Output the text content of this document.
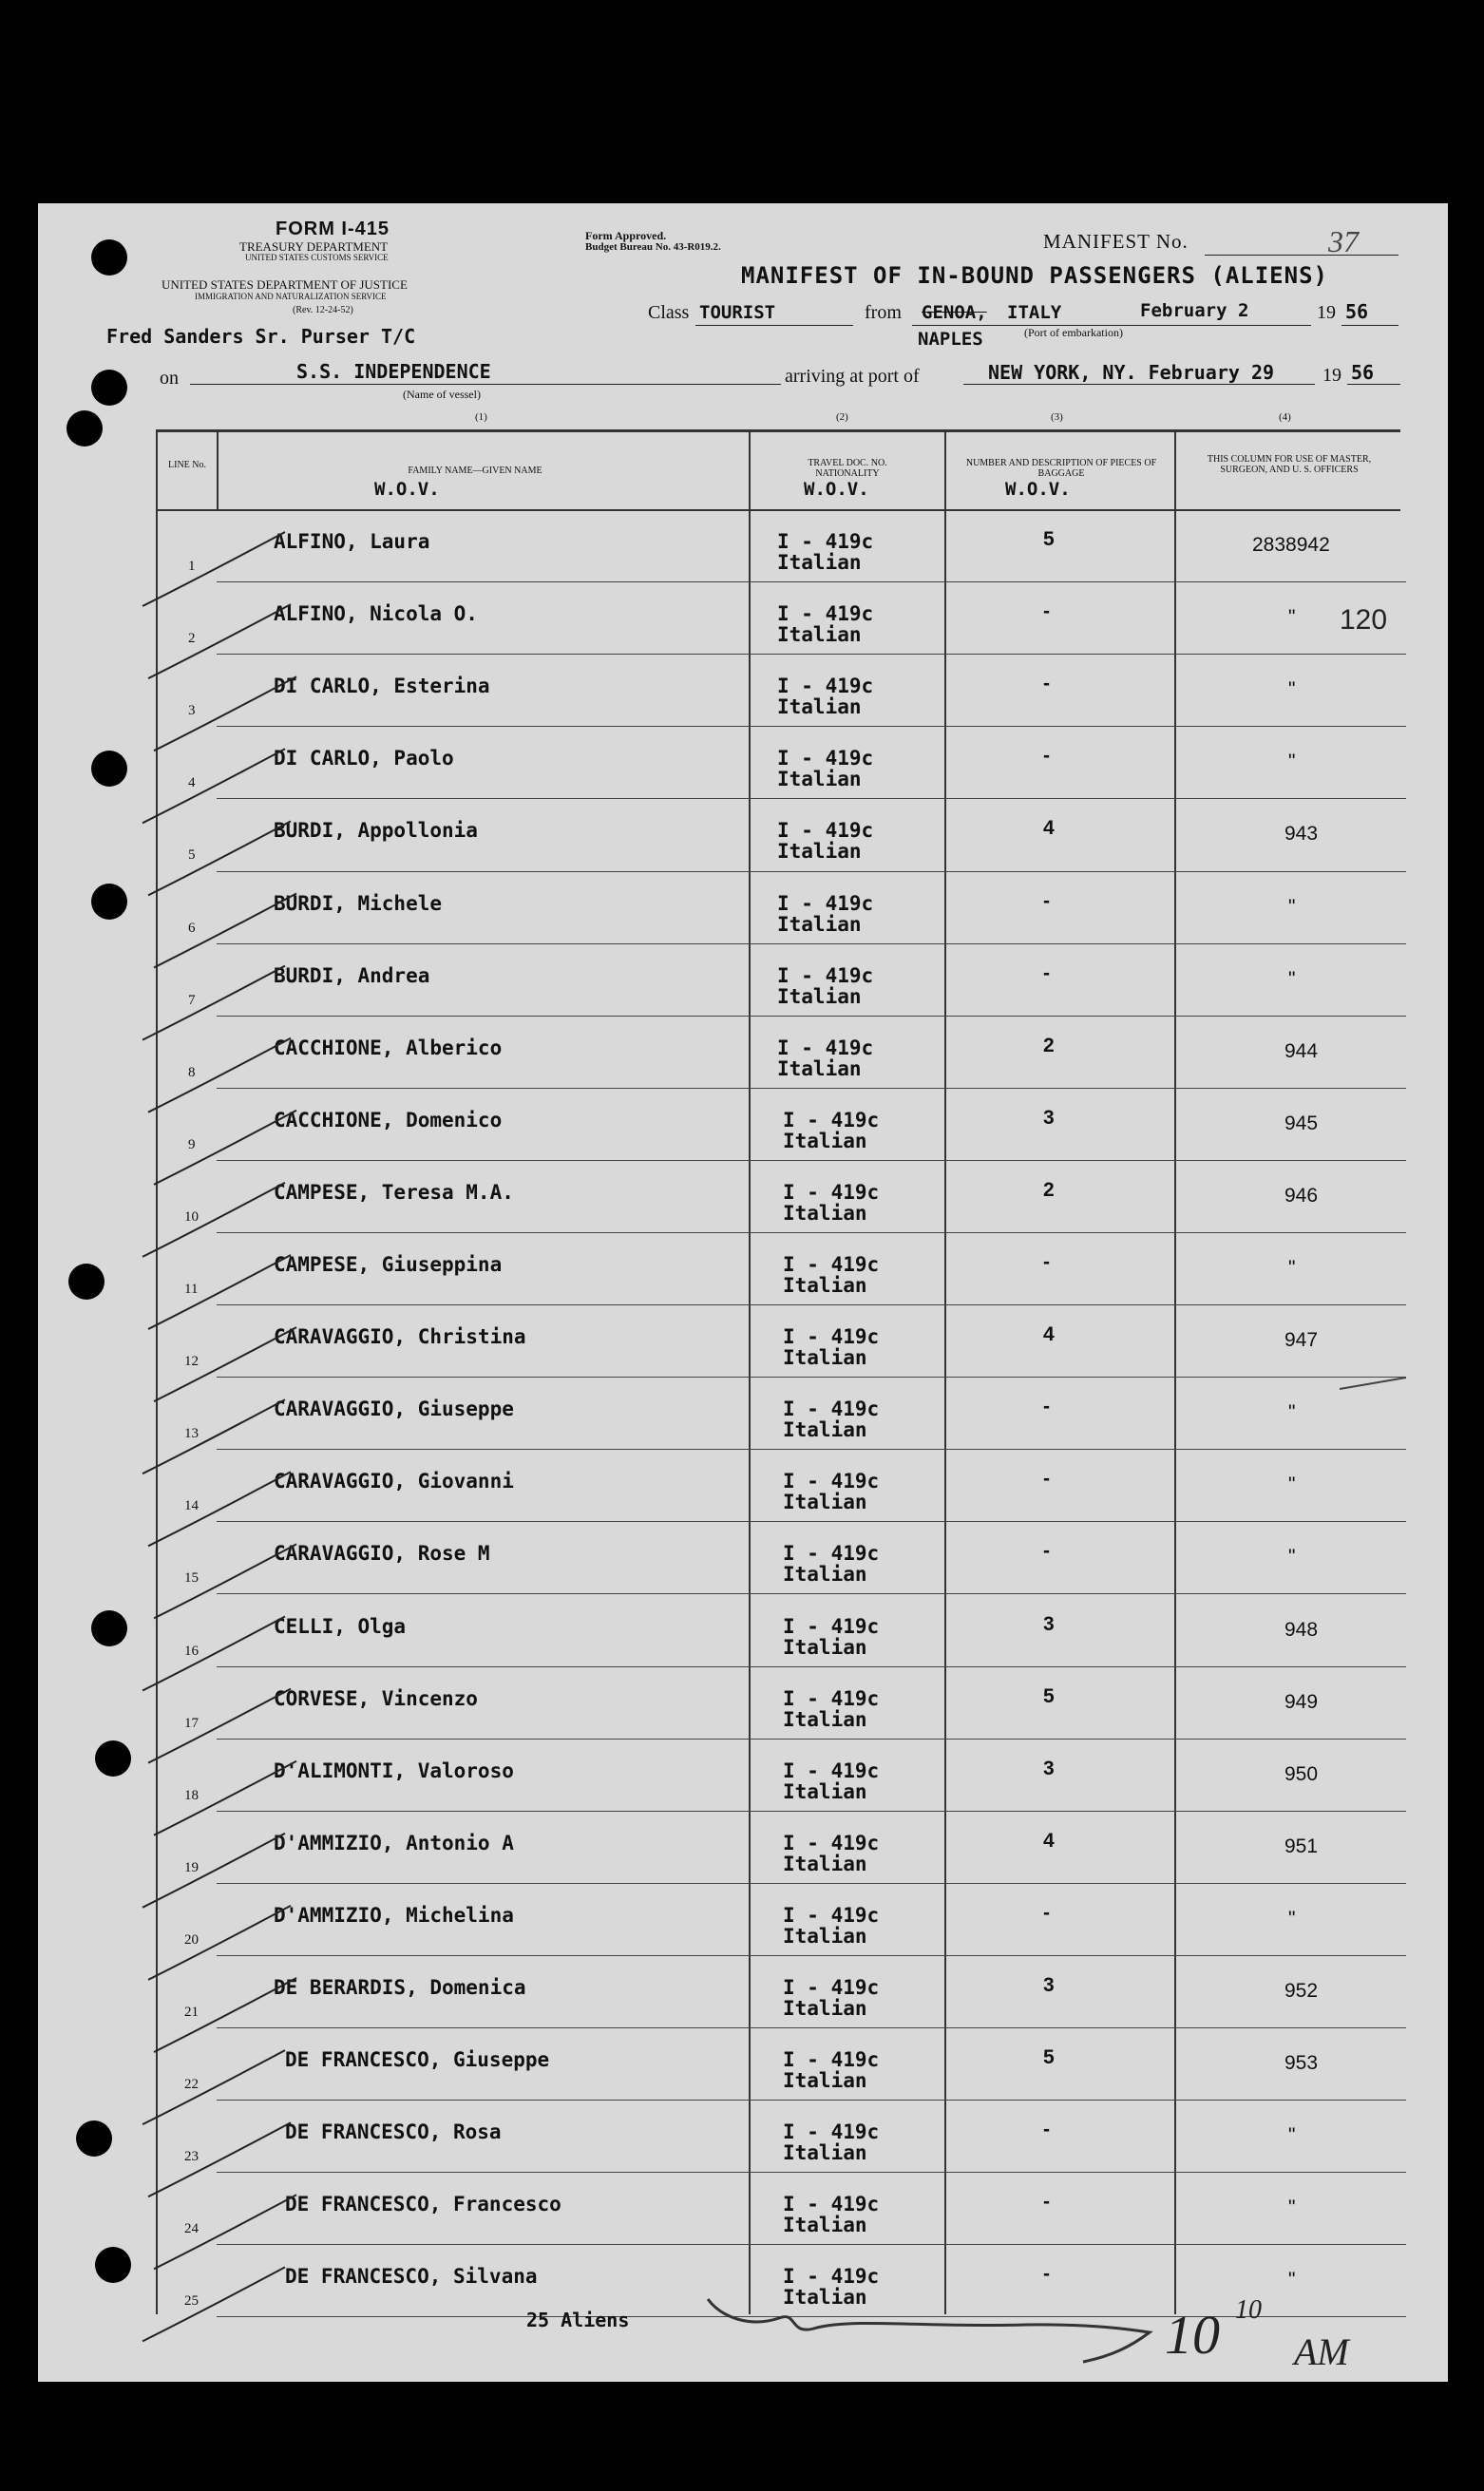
FORM I-415
TREASURY DEPARTMENT
UNITED STATES CUSTOMS SERVICE
UNITED STATES DEPARTMENT OF JUSTICE
IMMIGRATION AND NATURALIZATION SERVICE
(Rev. 12-24-52)
Form Approved.
Budget Bureau No. 43-R019.2.	MANIFEST No.	37
MANIFEST OF IN-BOUND PASSENGERS (ALIENS)
Class TOURIST	from GENOA, ITALY	February 2	19 56
NAPLES	(Port of embarkation)
Fred Sanders Sr. Purser T/C
on	S.S. INDEPENDENCE
(Name of vessel)
arriving at port of	NEW YORK, NY. February 29	19 56
(1)	(2)	(3)	(4)
LINE No.
FAMILY NAME—GIVEN NAME
W.O.V.
TRAVEL DOC. NO. NATIONALITY
W.O.V.
NUMBER AND DESCRIPTION OF PIECES OF BAGGAGE
W.O.V.
THIS COLUMN FOR USE OF MASTER, SURGEON, AND U. S. OFFICERS
1
ALFINO, Laura	I - 419c
Italian
5	2838942
2
ALFINO, Nicola O.	I - 419c
Italian
-	"
3
DI CARLO, Esterina	I - 419c
Italian
-	"
4
DI CARLO, Paolo	I - 419c
Italian
-	"
5
BURDI, Appollonia	I - 419c
Italian
4	943
6
BURDI, Michele	I - 419c
Italian
-	"
7
BURDI, Andrea	I - 419c
Italian
-	"
8
CACCHIONE, Alberico	I - 419c
Italian
2	944
9
CACCHIONE, Domenico	I - 419c
Italian
3	945
10
CAMPESE, Teresa M.A.	I - 419c
Italian
2	946
11
CAMPESE, Giuseppina	I - 419c
Italian
-	"
12
CARAVAGGIO, Christina	I - 419c
Italian
4	947
13
CARAVAGGIO, Giuseppe	I - 419c
Italian
-	"
14
CARAVAGGIO, Giovanni	I - 419c
Italian
-	"
15
CARAVAGGIO, Rose M	I - 419c
Italian
-	"
16
CELLI, Olga	I - 419c
Italian
3	948
17
CORVESE, Vincenzo	I - 419c
Italian
5	949
18
D'ALIMONTI, Valoroso	I - 419c
Italian
3	950
19
D'AMMIZIO, Antonio A	I - 419c
Italian
4	951
20
D'AMMIZIO, Michelina	I - 419c
Italian
-	"
21
DE BERARDIS, Domenica	I - 419c
Italian
3	952
22
DE FRANCESCO, Giuseppe	I - 419c
Italian
5	953
23
DE FRANCESCO, Rosa	I - 419c
Italian
-	"
24
DE FRANCESCO, Francesco	I - 419c
Italian
-	"
25
DE FRANCESCO, Silvana	I - 419c
Italian
-	"
120
25 Aliens	10 10
AM
